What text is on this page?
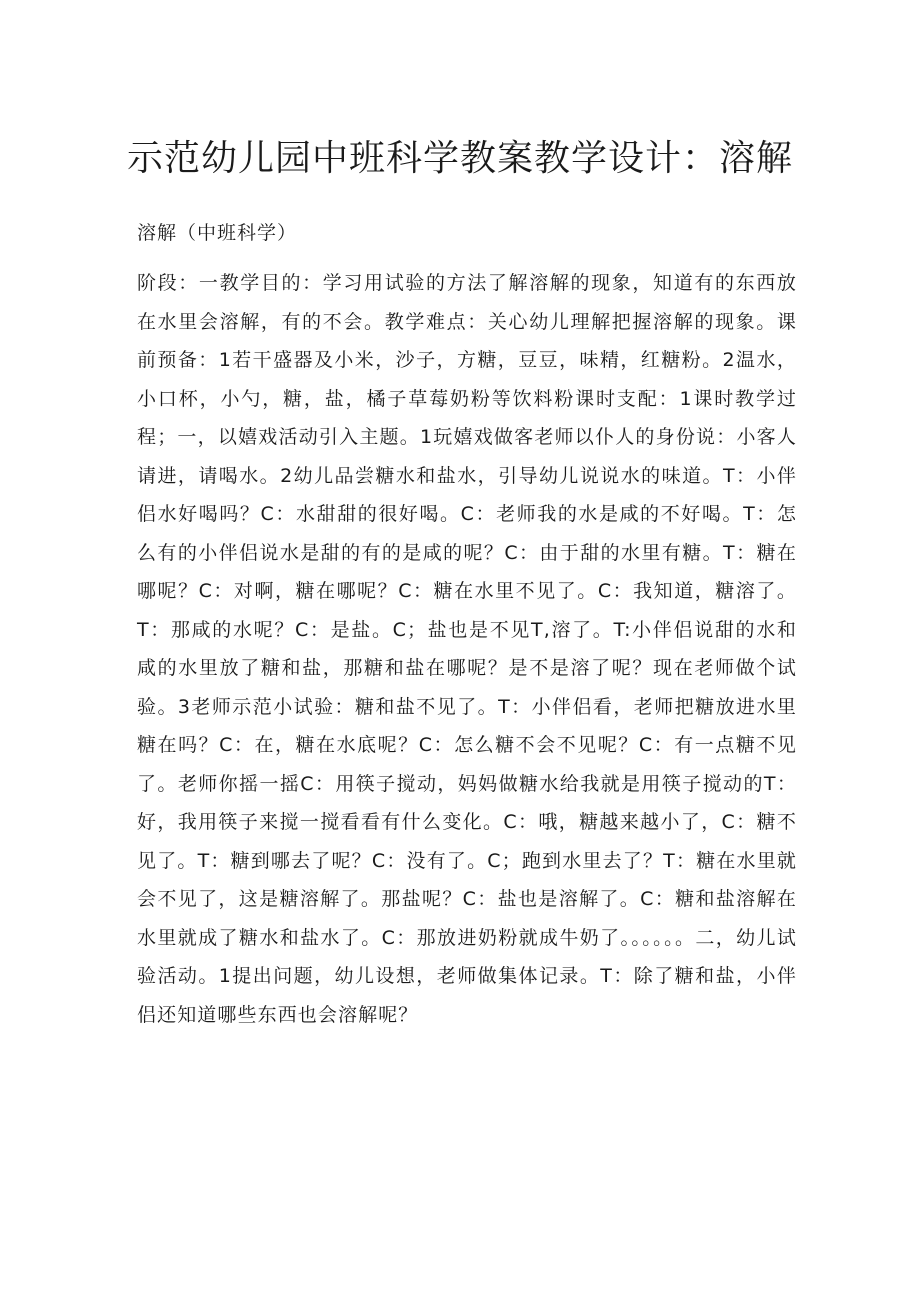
示范幼儿园中班科学教案教学设计：溶解

溶解（中班科学）

阶段：一教学目的：学习用试验的方法了解溶解的现象，知道有的东西放在水里会溶解，有的不会。教学难点：关心幼儿理解把握溶解的现象。课前预备：1若干盛器及小米，沙子，方糖，豆豆，味精，红糖粉。2温水，小口杯，小勺，糖，盐，橘子草莓奶粉等饮料粉课时支配：1课时教学过程；一，以嬉戏活动引入主题。1玩嬉戏做客老师以仆人的身份说：小客人请进，请喝水。2幼儿品尝糖水和盐水，引导幼儿说说水的味道。T：小伴侣水好喝吗？C：水甜甜的很好喝。C：老师我的水是咸的不好喝。T：怎么有的小伴侣说水是甜的有的是咸的呢？C：由于甜的水里有糖。T：糖在哪呢？C：对啊，糖在哪呢？C：糖在水里不见了。C：我知道，糖溶了。T：那咸的水呢？C：是盐。C；盐也是不见T,溶了。T:小伴侣说甜的水和咸的水里放了糖和盐，那糖和盐在哪呢？是不是溶了呢？现在老师做个试验。3老师示范小试验：糖和盐不见了。T：小伴侣看，老师把糖放进水里糖在吗？C：在，糖在水底呢？C：怎么糖不会不见呢？C：有一点糖不见了。老师你摇一摇C：用筷子搅动，妈妈做糖水给我就是用筷子搅动的T：好，我用筷子来搅一搅看看有什么变化。C：哦，糖越来越小了，C：糖不见了。T：糖到哪去了呢？C：没有了。C；跑到水里去了？T：糖在水里就会不见了，这是糖溶解了。那盐呢？C：盐也是溶解了。C：糖和盐溶解在水里就成了糖水和盐水了。C：那放进奶粉就成牛奶了。。。。。。二，幼儿试验活动。1提出问题，幼儿设想，老师做集体记录。T：除了糖和盐，小伴侣还知道哪些东西也会溶解呢？
